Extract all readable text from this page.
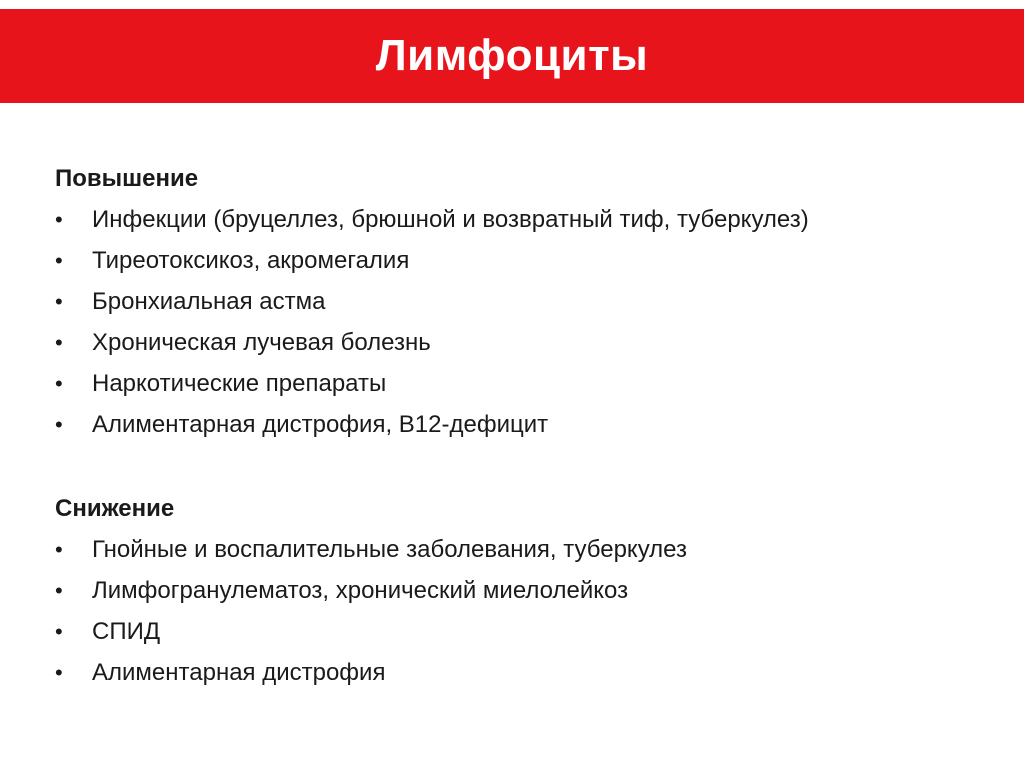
Лимфоциты
Повышение
•	Инфекции (бруцеллез, брюшной и возвратный тиф, туберкулез)
•	Тиреотоксикоз, акромегалия
•	Бронхиальная астма
•	Хроническая лучевая болезнь
•	Наркотические препараты
•	Алиментарная дистрофия, В12-дефицит
Снижение
•	Гнойные и воспалительные заболевания, туберкулез
•	Лимфогранулематоз, хронический миелолейкоз
•	СПИД
•	Алиментарная дистрофия
